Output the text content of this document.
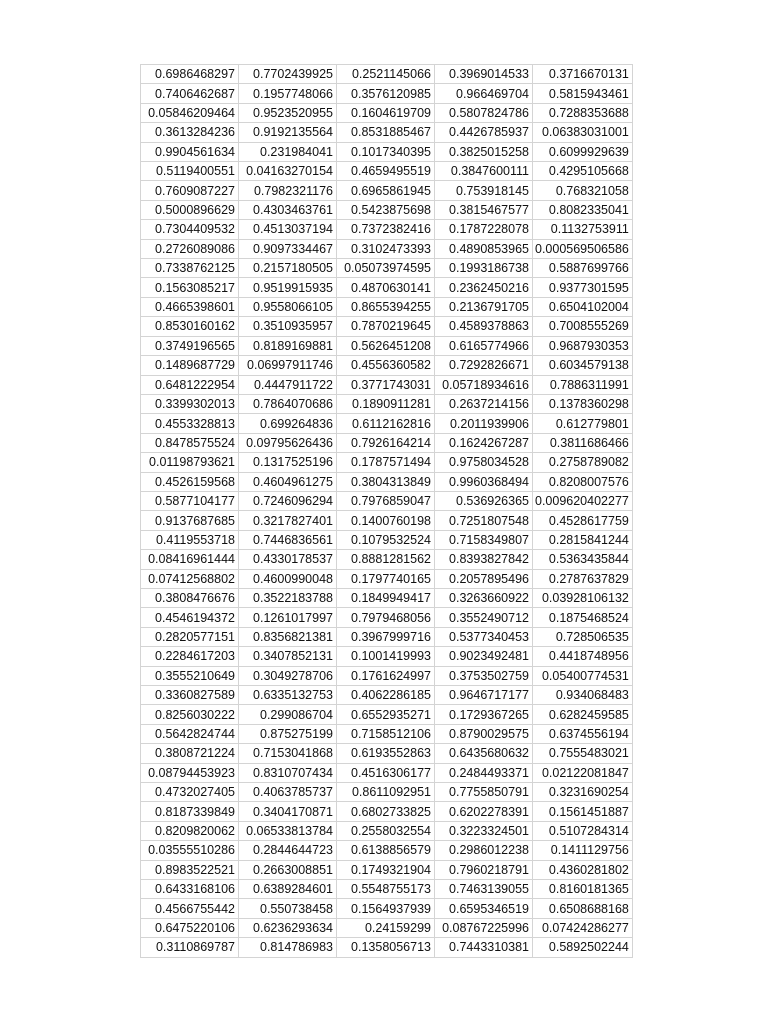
0.6986468297	0.7702439925	0.2521145066	0.3969014533	0.3716670131
0.7406462687	0.1957748066	0.3576120985	0.966469704	0.5815943461
0.05846209464	0.9523520955	0.1604619709	0.5807824786	0.7288353688
0.3613284236	0.9192135564	0.8531885467	0.4426785937	0.06383031001
0.9904561634	0.231984041	0.1017340395	0.3825015258	0.6099929639
0.5119400551	0.04163270154	0.4659495519	0.3847600111	0.4295105668
0.7609087227	0.7982321176	0.6965861945	0.753918145	0.768321058
0.5000896629	0.4303463761	0.5423875698	0.3815467577	0.8082335041
0.7304409532	0.4513037194	0.7372382416	0.1787228078	0.1132753911
0.2726089086	0.9097334467	0.3102473393	0.4890853965	0.000569506586
0.7338762125	0.2157180505	0.05073974595	0.1993186738	0.5887699766
0.1563085217	0.9519915935	0.4870630141	0.2362450216	0.9377301595
0.4665398601	0.9558066105	0.8655394255	0.2136791705	0.6504102004
0.8530160162	0.3510935957	0.7870219645	0.4589378863	0.7008555269
0.3749196565	0.8189169881	0.5626451208	0.6165774966	0.9687930353
0.1489687729	0.06997911746	0.4556360582	0.7292826671	0.6034579138
0.6481222954	0.4447911722	0.3771743031	0.05718934616	0.7886311991
0.3399302013	0.7864070686	0.1890911281	0.2637214156	0.1378360298
0.4553328813	0.699264836	0.6112162816	0.2011939906	0.612779801
0.8478575524	0.09795626436	0.7926164214	0.1624267287	0.3811686466
0.01198793621	0.1317525196	0.1787571494	0.9758034528	0.2758789082
0.4526159568	0.4604961275	0.3804313849	0.9960368494	0.8208007576
0.5877104177	0.7246096294	0.7976859047	0.536926365	0.009620402277
0.9137687685	0.3217827401	0.1400760198	0.7251807548	0.4528617759
0.4119553718	0.7446836561	0.1079532524	0.7158349807	0.2815841244
0.08416961444	0.4330178537	0.8881281562	0.8393827842	0.5363435844
0.07412568802	0.4600990048	0.1797740165	0.2057895496	0.2787637829
0.3808476676	0.3522183788	0.1849949417	0.3263660922	0.03928106132
0.4546194372	0.1261017997	0.7979468056	0.3552490712	0.1875468524
0.2820577151	0.8356821381	0.3967999716	0.5377340453	0.728506535
0.2284617203	0.3407852131	0.1001419993	0.9023492481	0.4418748956
0.3555210649	0.3049278706	0.1761624997	0.3753502759	0.05400774531
0.3360827589	0.6335132753	0.4062286185	0.9646717177	0.934068483
0.8256030222	0.299086704	0.6552935271	0.1729367265	0.6282459585
0.5642824744	0.875275199	0.7158512106	0.8790029575	0.6374556194
0.3808721224	0.7153041868	0.6193552863	0.6435680632	0.7555483021
0.08794453923	0.8310707434	0.4516306177	0.2484493371	0.02122081847
0.4732027405	0.4063785737	0.8611092951	0.7755850791	0.3231690254
0.8187339849	0.3404170871	0.6802733825	0.6202278391	0.1561451887
0.8209820062	0.06533813784	0.2558032554	0.3223324501	0.5107284314
0.03555510286	0.2844644723	0.6138856579	0.2986012238	0.1411129756
0.8983522521	0.2663008851	0.1749321904	0.7960218791	0.4360281802
0.6433168106	0.6389284601	0.5548755173	0.7463139055	0.8160181365
0.4566755442	0.550738458	0.1564937939	0.6595346519	0.6508688168
0.6475220106	0.6236293634	0.24159299	0.08767225996	0.07424286277
0.3110869787	0.814786983	0.1358056713	0.7443310381	0.5892502244
